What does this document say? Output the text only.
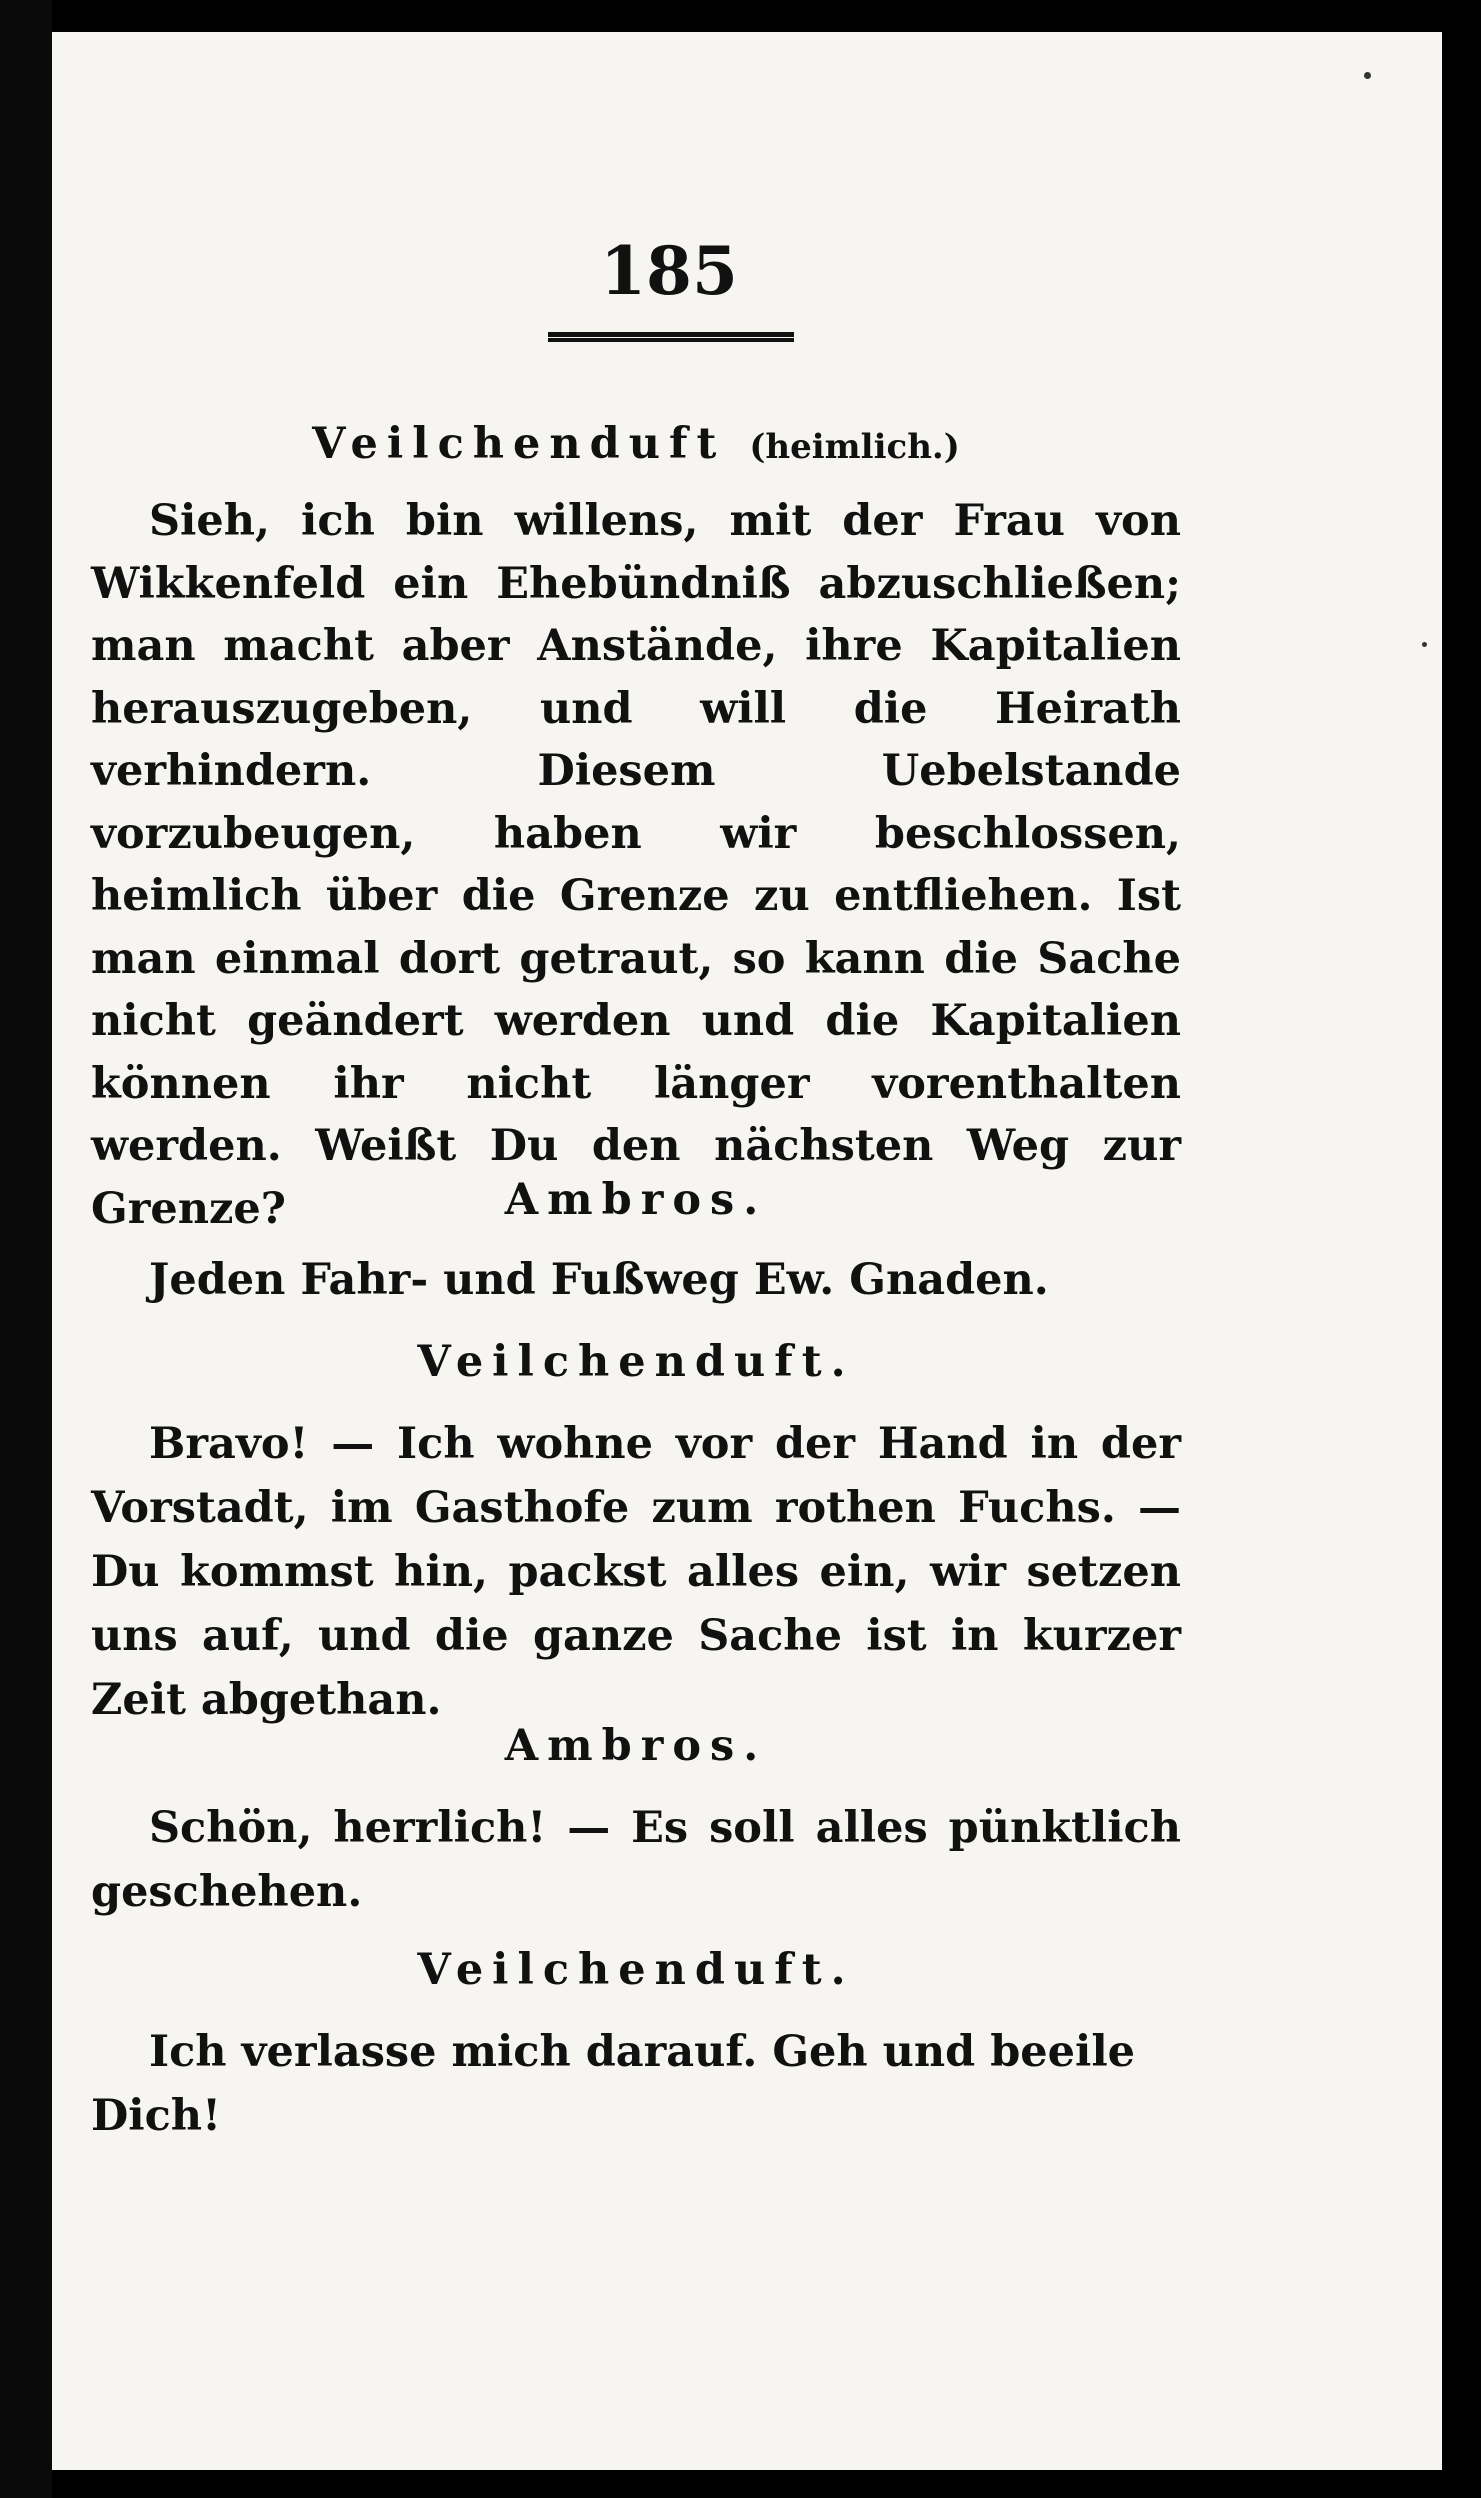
185
Veilchenduft (heimlich.)
Sieh, ich bin willens, mit der Frau von Wikkenfeld ein Ehebündniß abzuschließen; man macht aber Anstände, ihre Kapitalien herauszugeben, und will die Heirath verhindern. Diesem Uebelstande vorzubeugen, haben wir beschlossen, heimlich über die Grenze zu entfliehen. Ist man einmal dort getraut, so kann die Sache nicht geändert werden und die Kapitalien können ihr nicht länger vorenthalten werden. Weißt Du den nächsten Weg zur Grenze?	Ambros.
Jeden Fahr- und Fußweg Ew. Gnaden.
Veilchenduft.
Bravo! — Ich wohne vor der Hand in der Vorstadt, im Gasthofe zum rothen Fuchs. — Du kommst hin, packst alles ein, wir setzen uns auf, und die ganze Sache ist in kurzer Zeit abgethan.
Ambros.
Schön, herrlich! — Es soll alles pünktlich geschehen.
Veilchenduft.
Ich verlasse mich darauf. Geh und beeile Dich!
